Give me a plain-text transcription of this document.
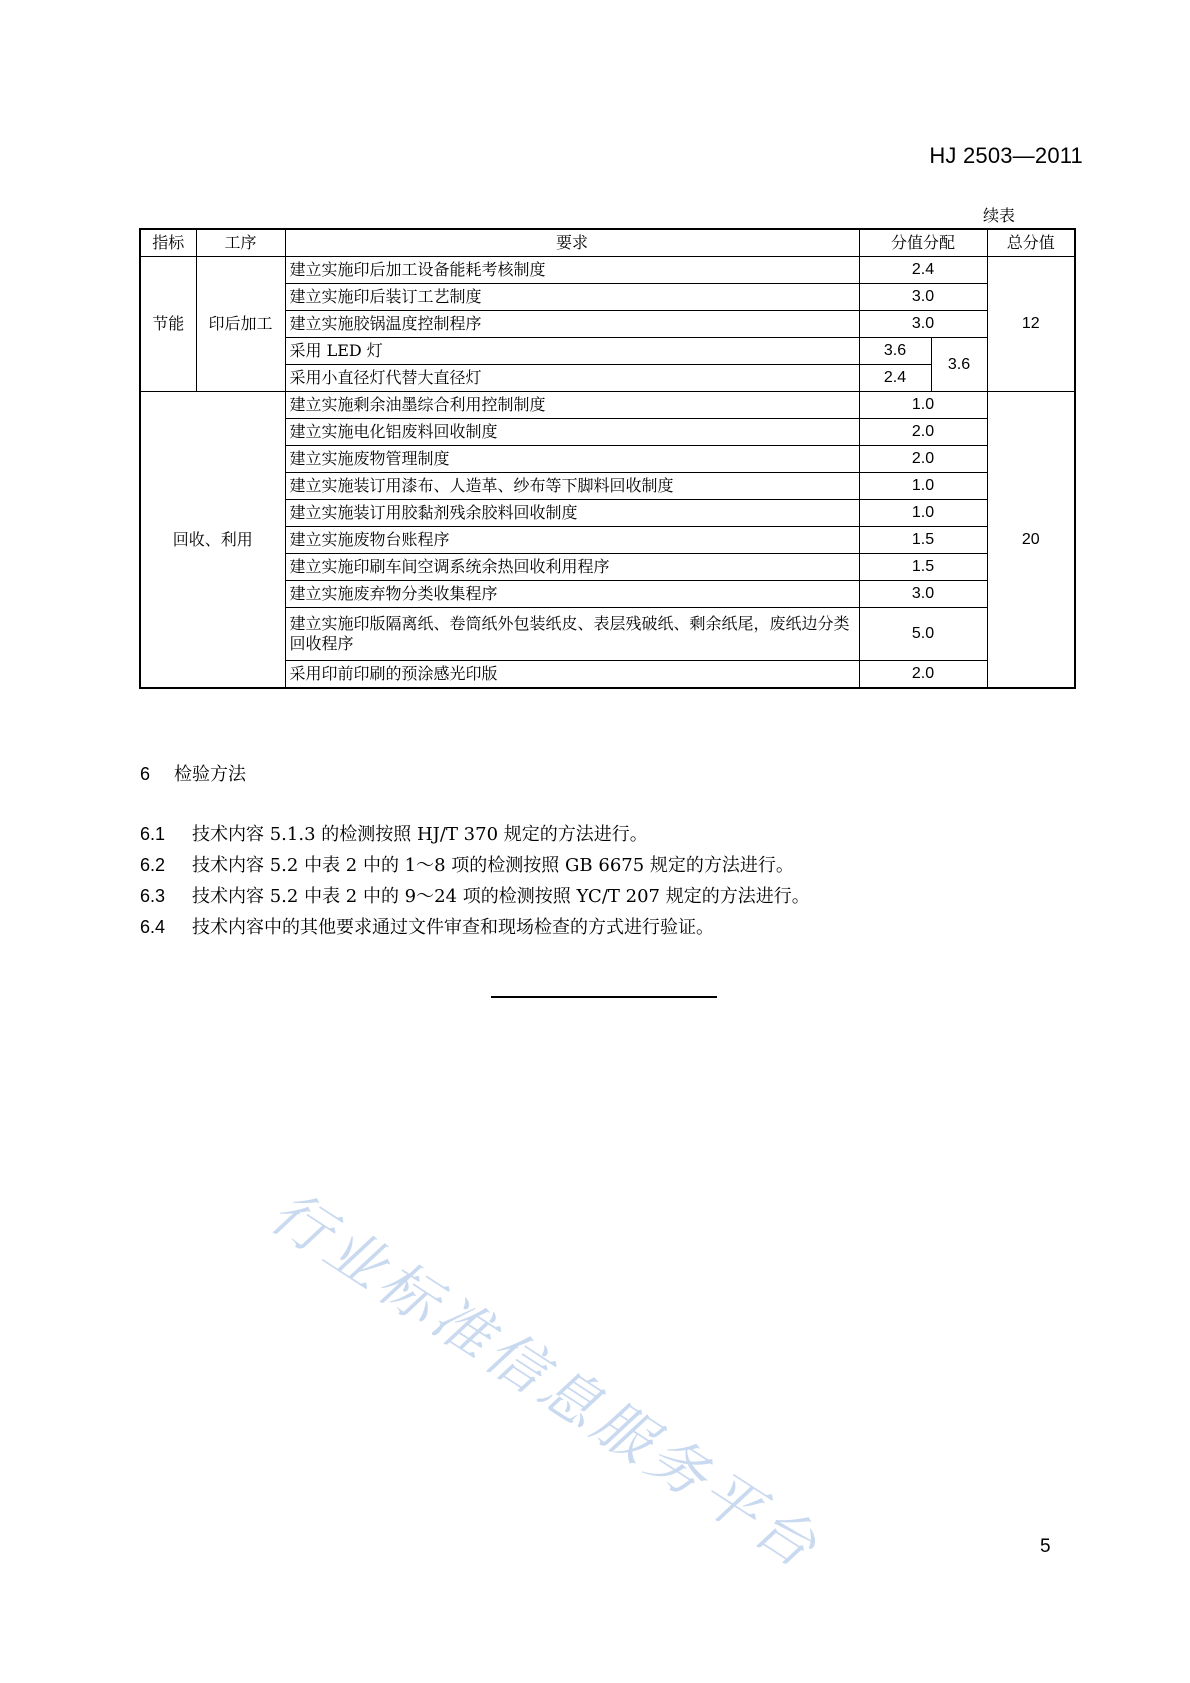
HJ 2503—2011
续表
指标	工序	要求	分值分配		总分值
节能	印后加工	建立实施印后加工设备能耗考核制度	2.4		12
		建立实施印后装订工艺制度	3.0		
		建立实施胶锅温度控制程序	3.0		
		采用 LED 灯	3.6	3.6	
		采用小直径灯代替大直径灯	2.4		
回收、利用		建立实施剩余油墨综合利用控制制度	1.0		20
		建立实施电化铝废料回收制度	2.0		
		建立实施废物管理制度	2.0		
		建立实施装订用漆布、人造革、纱布等下脚料回收制度	1.0		
		建立实施装订用胶黏剂残余胶料回收制度	1.0		
		建立实施废物台账程序	1.5		
		建立实施印刷车间空调系统余热回收利用程序	1.5		
		建立实施废弃物分类收集程序	3.0		
		建立实施印版隔离纸、卷筒纸外包装纸皮、表层残破纸、剩余纸尾，废纸边分类回收程序	5.0		
		采用印前印刷的预涂感光印版	2.0		
6 检验方法
6.1 技术内容 5.1.3 的检测按照 HJ/T 370 规定的方法进行。
6.2 技术内容 5.2 中表 2 中的 1～8 项的检测按照 GB 6675 规定的方法进行。
6.3 技术内容 5.2 中表 2 中的 9～24 项的检测按照 YC/T 207 规定的方法进行。
6.4 技术内容中的其他要求通过文件审查和现场检查的方式进行验证。
行业标准信息服务平台	5
